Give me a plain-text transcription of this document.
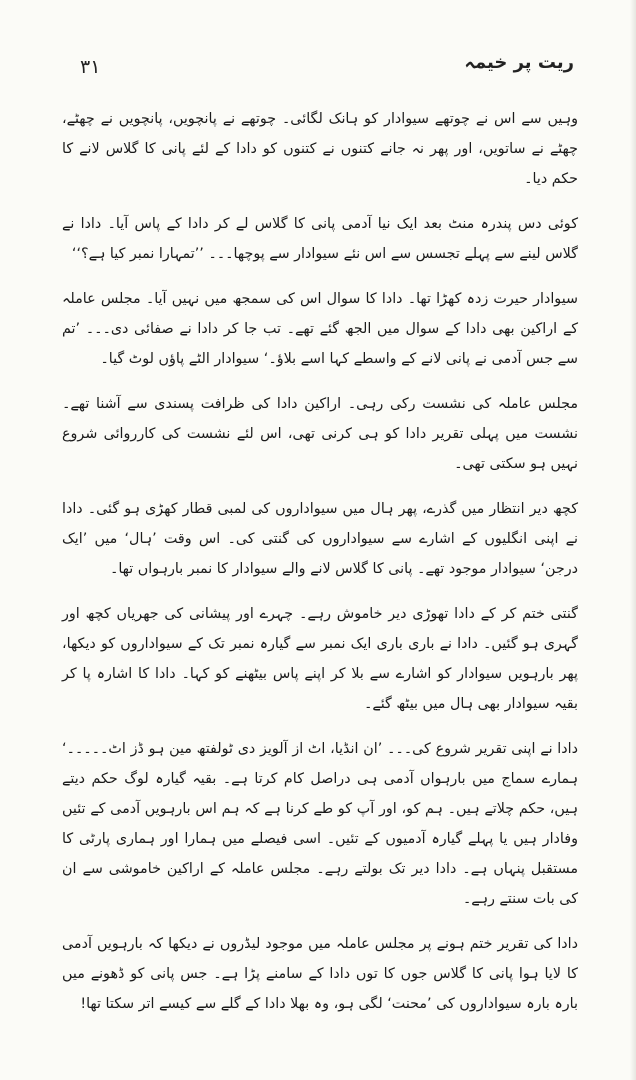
۳۱	ریت پر خیمہ

وہیں سے اس نے چوتھے سیوادار کو ہانک لگائی۔ چوتھے نے پانچویں، پانچویں نے چھٹے، چھٹے نے ساتویں، اور پھر نہ جانے کتنوں نے کتنوں کو دادا کے لئے پانی کا گلاس لانے کا حکم دیا۔

کوئی دس پندرہ منٹ بعد ایک نیا آدمی پانی کا گلاس لے کر دادا کے پاس آیا۔ دادا نے گلاس لینے سے پہلے تجسس سے اس نئے سیوادار سے پوچھا۔۔۔ ’’تمہارا نمبر کیا ہے؟‘‘

سیوادار حیرت زدہ کھڑا تھا۔ دادا کا سوال اس کی سمجھ میں نہیں آیا۔ مجلس عاملہ کے اراکین بھی دادا کے سوال میں الجھ گئے تھے۔ تب جا کر دادا نے صفائی دی۔۔۔ ’تم سے جس آدمی نے پانی لانے کے واسطے کہا اسے بلاؤ۔‘ سیوادار الٹے پاؤں لوٹ گیا۔

مجلس عاملہ کی نشست رکی رہی۔ اراکین دادا کی ظرافت پسندی سے آشنا تھے۔ نشست میں پہلی تقریر دادا کو ہی کرنی تھی، اس لئے نشست کی کارروائی شروع نہیں ہو سکتی تھی۔

کچھ دیر انتظار میں گذرے، پھر ہال میں سیواداروں کی لمبی قطار کھڑی ہو گئی۔ دادا نے اپنی انگلیوں کے اشارے سے سیواداروں کی گنتی کی۔ اس وقت ’ہال‘ میں ’ایک درجن‘ سیوادار موجود تھے۔ پانی کا گلاس لانے والے سیوادار کا نمبر بارہواں تھا۔

گنتی ختم کر کے دادا تھوڑی دیر خاموش رہے۔ چہرے اور پیشانی کی جھریاں کچھ اور گہری ہو گئیں۔ دادا نے باری باری ایک نمبر سے گیارہ نمبر تک کے سیواداروں کو دیکھا، پھر بارہویں سیوادار کو اشارے سے بلا کر اپنے پاس بیٹھنے کو کہا۔ دادا کا اشارہ پا کر بقیہ سیوادار بھی ہال میں بیٹھ گئے۔

دادا نے اپنی تقریر شروع کی۔۔۔ ’ان انڈیا، اٹ از آلویز دی ٹولفتھ مین ہو ڈز اٹ۔۔۔۔۔‘ ہمارے سماج میں بارہواں آدمی ہی دراصل کام کرتا ہے۔ بقیہ گیارہ لوگ حکم دیتے ہیں، حکم چلاتے ہیں۔ ہم کو، اور آپ کو طے کرنا ہے کہ ہم اس بارہویں آدمی کے تئیں وفادار ہیں یا پہلے گیارہ آدمیوں کے تئیں۔ اسی فیصلے میں ہمارا اور ہماری پارٹی کا مستقبل پنہاں ہے۔ دادا دیر تک بولتے رہے۔ مجلس عاملہ کے اراکین خاموشی سے ان کی بات سنتے رہے۔

دادا کی تقریر ختم ہونے پر مجلس عاملہ میں موجود لیڈروں نے دیکھا کہ بارہویں آدمی کا لایا ہوا پانی کا گلاس جوں کا توں دادا کے سامنے پڑا ہے۔ جس پانی کو ڈھونے میں بارہ بارہ سیواداروں کی ’محنت‘ لگی ہو، وہ بھلا دادا کے گلے سے کیسے اتر سکتا تھا!
